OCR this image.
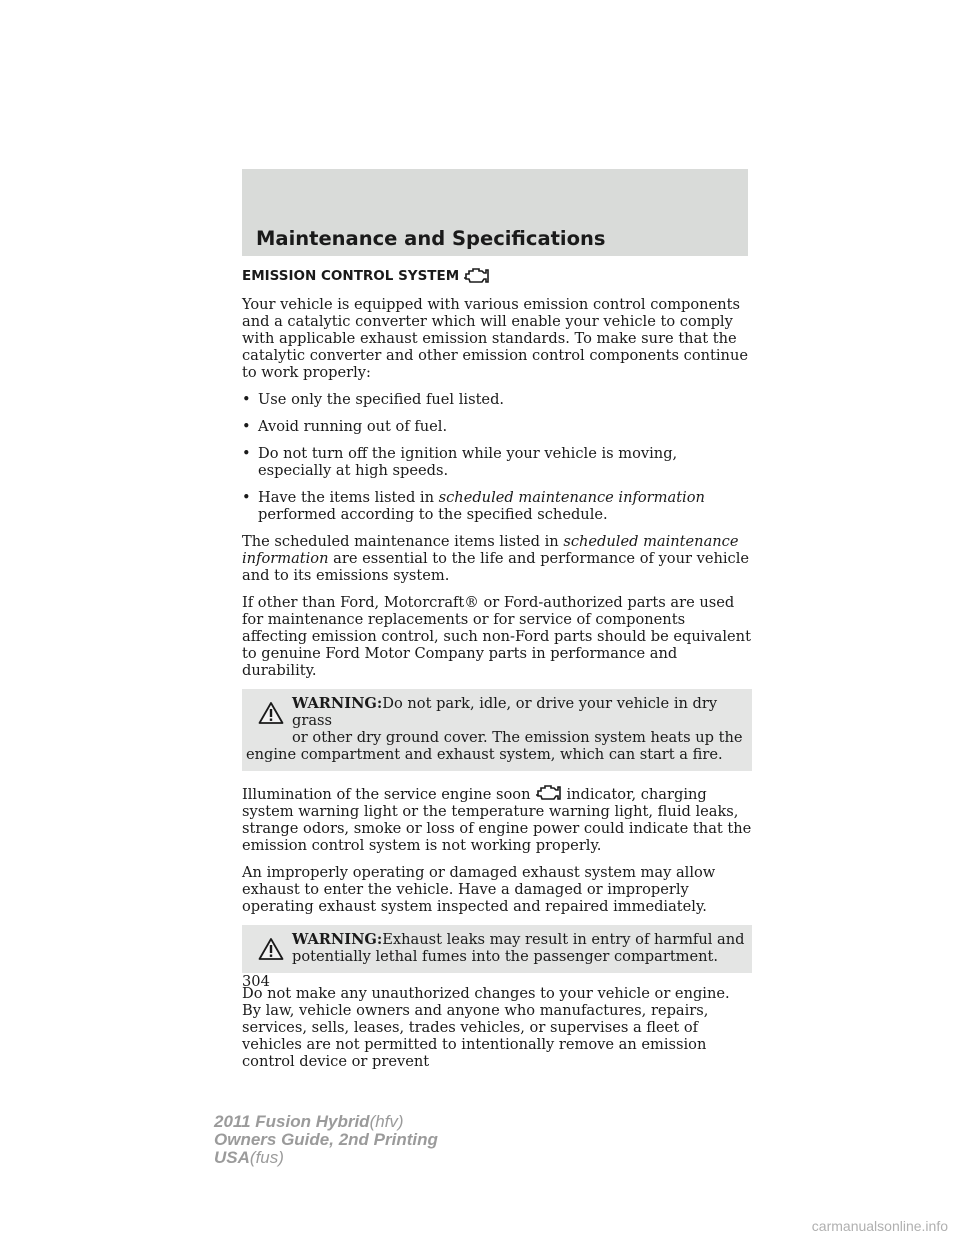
Maintenance and Specifications
EMISSION CONTROL SYSTEM

Your vehicle is equipped with various emission control components and a catalytic converter which will enable your vehicle to comply with applicable exhaust emission standards. To make sure that the catalytic converter and other emission control components continue to work properly:

• Use only the specified fuel listed.
• Avoid running out of fuel.
• Do not turn off the ignition while your vehicle is moving, especially at high speeds.
• Have the items listed in scheduled maintenance information performed according to the specified schedule.

The scheduled maintenance items listed in scheduled maintenance information are essential to the life and performance of your vehicle and to its emissions system.

If other than Ford, Motorcraft® or Ford-authorized parts are used for maintenance replacements or for service of components affecting emission control, such non-Ford parts should be equivalent to genuine Ford Motor Company parts in performance and durability.

WARNING:Do not park, idle, or drive your vehicle in dry grass
or other dry ground cover. The emission system heats up the
engine compartment and exhaust system, which can start a fire.

Illumination of the service engine soon indicator, charging system warning light or the temperature warning light, fluid leaks, strange odors, smoke or loss of engine power could indicate that the emission control system is not working properly.

An improperly operating or damaged exhaust system may allow exhaust to enter the vehicle. Have a damaged or improperly operating exhaust system inspected and repaired immediately.

WARNING:Exhaust leaks may result in entry of harmful and
potentially lethal fumes into the passenger compartment.

Do not make any unauthorized changes to your vehicle or engine. By law, vehicle owners and anyone who manufactures, repairs, services, sells, leases, trades vehicles, or supervises a fleet of vehicles are not permitted to intentionally remove an emission control device or prevent

304
2011 Fusion Hybrid(hfv)
Owners Guide, 2nd Printing
USA(fus)
carmanualsonline.info
